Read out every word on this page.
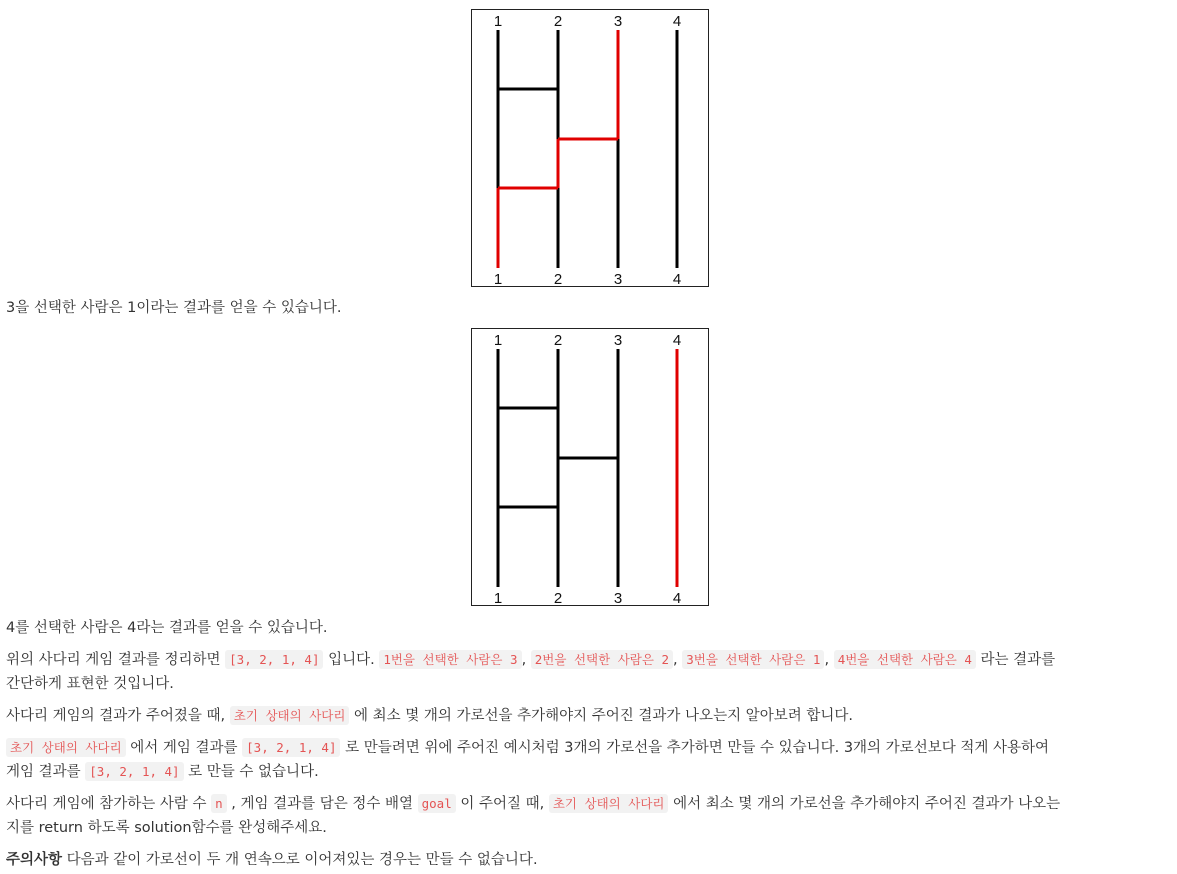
1	2	3	4
1	2	3	4

3을 선택한 사람은 1이라는 결과를 얻을 수 있습니다.

1	2	3	4
1	2	3	4

4를 선택한 사람은 4라는 결과를 얻을 수 있습니다.

위의 사다리 게임 결과를 정리하면 [3, 2, 1, 4] 입니다. 1번을 선택한 사람은 3 , 2번을 선택한 사람은 2 , 3번을 선택한 사람은 1 , 4번을 선택한 사람은 4 라는 결과를

간단하게 표현한 것입니다.

사다리 게임의 결과가 주어졌을 때, 초기 상태의 사다리 에 최소 몇 개의 가로선을 추가해야지 주어진 결과가 나오는지 알아보려 합니다.
초기 상태의 사다리 에서 게임 결과를 [3, 2, 1, 4] 로 만들려면 위에 주어진 예시처럼 3개의 가로선을 추가하면 만들 수 있습니다. 3개의 가로선보다 적게 사용하여
게임 결과를 [3, 2, 1, 4] 로 만들 수 없습니다.
사다리 게임에 참가하는 사람 수 n , 게임 결과를 담은 정수 배열 goal 이 주어질 때, 초기 상태의 사다리 에서 최소 몇 개의 가로선을 추가해야지 주어진 결과가 나오는

지를 return 하도록 solution함수를 완성해주세요.

주의사항 다음과 같이 가로선이 두 개 연속으로 이어져있는 경우는 만들 수 없습니다.
